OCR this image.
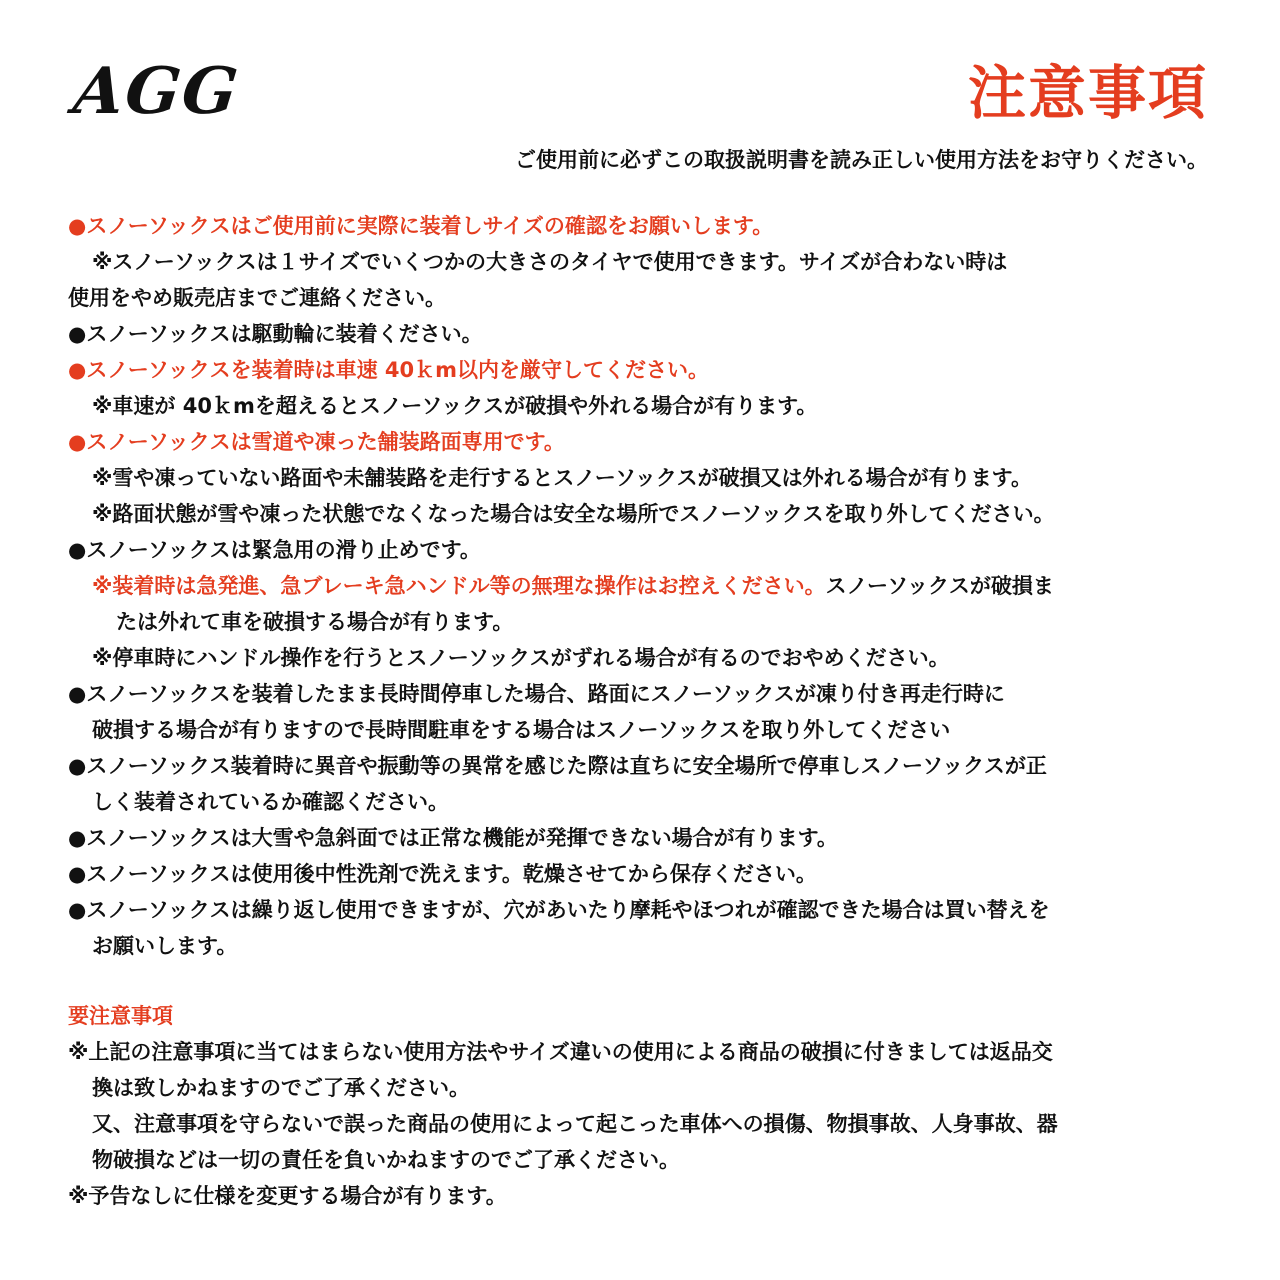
AGG	注意事項
ご使用前に必ずこの取扱説明書を読み正しい使用方法をお守りください。
●スノーソックスはご使用前に実際に装着しサイズの確認をお願いします。
※スノーソックスは１サイズでいくつかの大きさのタイヤで使用できます。サイズが合わない時は
使用をやめ販売店までご連絡ください。
●スノーソックスは駆動輪に装着ください。
●スノーソックスを装着時は車速 40ｋm以内を厳守してください。
※車速が 40ｋmを超えるとスノーソックスが破損や外れる場合が有ります。
●スノーソックスは雪道や凍った舗装路面専用です。
※雪や凍っていない路面や未舗装路を走行するとスノーソックスが破損又は外れる場合が有ります。
※路面状態が雪や凍った状態でなくなった場合は安全な場所でスノーソックスを取り外してください。
●スノーソックスは緊急用の滑り止めです。
※装着時は急発進、急ブレーキ急ハンドル等の無理な操作はお控えください。スノーソックスが破損ま
たは外れて車を破損する場合が有ります。
※停車時にハンドル操作を行うとスノーソックスがずれる場合が有るのでおやめください。
●スノーソックスを装着したまま長時間停車した場合、路面にスノーソックスが凍り付き再走行時に
破損する場合が有りますので長時間駐車をする場合はスノーソックスを取り外してください
●スノーソックス装着時に異音や振動等の異常を感じた際は直ちに安全場所で停車しスノーソックスが正
しく装着されているか確認ください。
●スノーソックスは大雪や急斜面では正常な機能が発揮できない場合が有ります。
●スノーソックスは使用後中性洗剤で洗えます。乾燥させてから保存ください。
●スノーソックスは繰り返し使用できますが、穴があいたり摩耗やほつれが確認できた場合は買い替えを
お願いします。
要注意事項
※上記の注意事項に当てはまらない使用方法やサイズ違いの使用による商品の破損に付きましては返品交
換は致しかねますのでご了承ください。
又、注意事項を守らないで誤った商品の使用によって起こった車体への損傷、物損事故、人身事故、器
物破損などは一切の責任を負いかねますのでご了承ください。
※予告なしに仕様を変更する場合が有ります。
